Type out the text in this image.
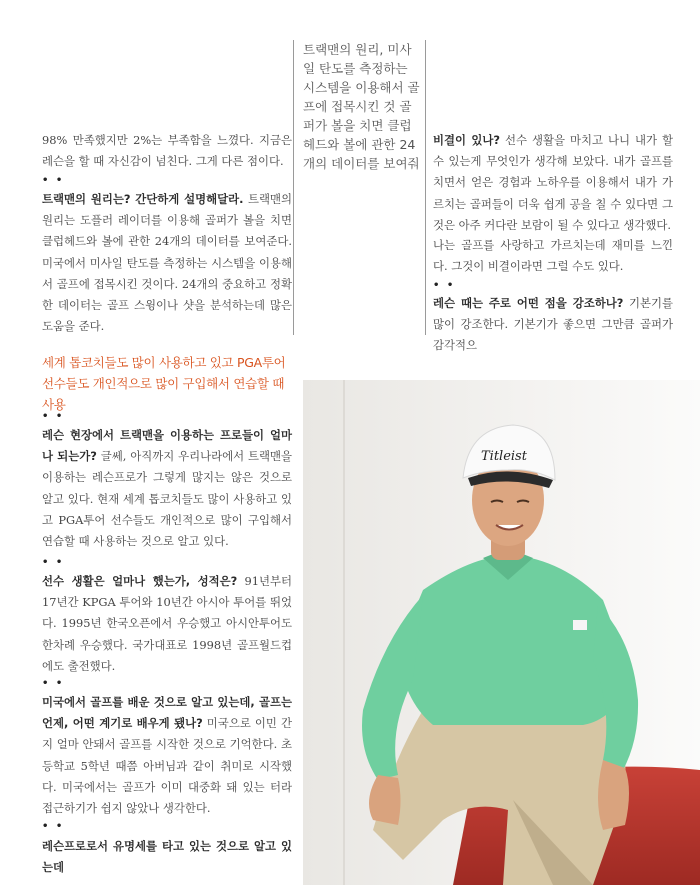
98% 만족했지만 2%는 부족함을 느꼈다. 지금은 레슨을 할 때 자신감이 넘친다. 그게 다른 점이다.

• •

트랙맨의 원리는? 간단하게 설명해달라. 트랙맨의 원리는 도플러 레이더를 이용해 골퍼가 볼을 치면 클럽헤드와 볼에 관한 24개의 데이터를 보여준다. 미국에서 미사일 탄도를 측정하는 시스템을 이용해서 골프에 접목시킨 것이다. 24개의 중요하고 정확한 데이터는 골프 스윙이나 샷을 분석하는데 많은 도움을 준다.

세계 톱코치들도 많이 사용하고 있고 PGA투어 선수들도 개인적으로 많이 구입해서 연습할 때 사용

• •

레슨 현장에서 트랙맨을 이용하는 프로들이 얼마나 되는가? 글쎄, 아직까지 우리나라에서 트랙맨을 이용하는 레슨프로가 그렇게 많지는 않은 것으로 알고 있다. 현재 세계 톱코치들도 많이 사용하고 있고 PGA투어 선수들도 개인적으로 많이 구입해서 연습할 때 사용하는 것으로 알고 있다.

• •

선수 생활은 얼마나 했는가, 성적은? 91년부터 17년간 KPGA 투어와 10년간 아시아 투어를 뛰었다. 1995년 한국오픈에서 우승했고 아시안투어도 한차례 우승했다. 국가대표로 1998년 골프월드컵에도 출전했다.

• •

미국에서 골프를 배운 것으로 알고 있는데, 골프는 언제, 어떤 계기로 배우게 됐나? 미국으로 이민 간 지 얼마 안돼서 골프를 시작한 것으로 기억한다. 초등학교 5학년 때쯤 아버님과 같이 취미로 시작했다. 미국에서는 골프가 이미 대중화 돼 있는 터라 접근하기가 쉽지 않았나 생각한다.

• •

레슨프로로서 유명세를 타고 있는 것으로 알고 있는데

트랙맨의 원리, 미사일 탄도를 측정하는 시스템을 이용해서 골프에 접목시킨 것 골퍼가 볼을 치면 클럽헤드와 볼에 관한 24개의 데이터를 보여줘

비결이 있나? 선수 생활을 마치고 나니 내가 할 수 있는게 무엇인가 생각해 보았다. 내가 골프를 치면서 얻은 경험과 노하우를 이용해서 내가 가르치는 골퍼들이 더욱 쉽게 공을 칠 수 있다면 그것은 아주 커다란 보람이 될 수 있다고 생각했다.

나는 골프를 사랑하고 가르치는데 재미를 느낀다. 그것이 비결이라면 그럴 수도 있다.

• •

레슨 때는 주로 어떤 점을 강조하나? 기본기를 많이 강조한다. 기본기가 좋으면 그만큼 골퍼가 감각적으

Titleist
